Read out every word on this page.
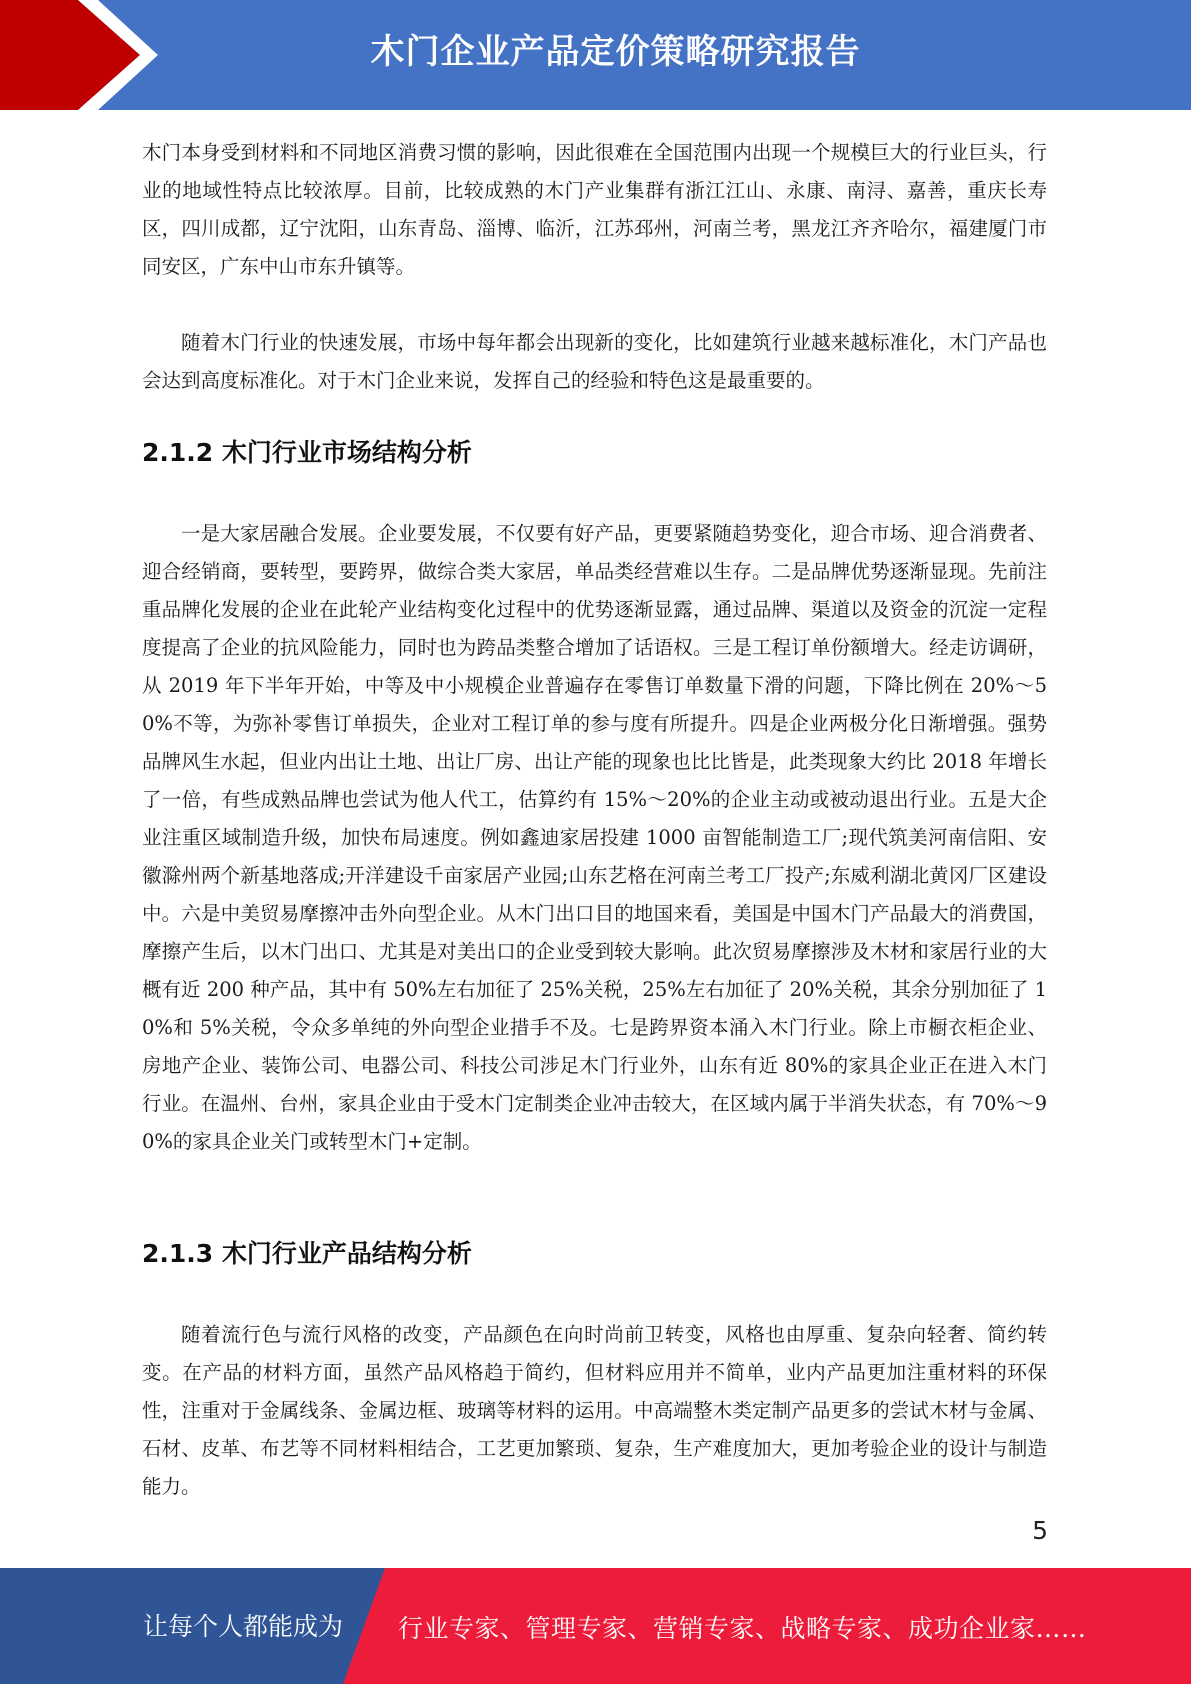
木门企业产品定价策略研究报告

木门本身受到材料和不同地区消费习惯的影响，因此很难在全国范围内出现一个规模巨大的行业巨头，行业的地域性特点比较浓厚。目前，比较成熟的木门产业集群有浙江江山、永康、南浔、嘉善，重庆长寿区，四川成都，辽宁沈阳，山东青岛、淄博、临沂，江苏邳州，河南兰考，黑龙江齐齐哈尔，福建厦门市同安区，广东中山市东升镇等。

随着木门行业的快速发展，市场中每年都会出现新的变化，比如建筑行业越来越标准化，木门产品也会达到高度标准化。对于木门企业来说，发挥自己的经验和特色这是最重要的。

2.1.2 木门行业市场结构分析

一是大家居融合发展。企业要发展，不仅要有好产品，更要紧随趋势变化，迎合市场、迎合消费者、迎合经销商，要转型，要跨界，做综合类大家居，单品类经营难以生存。二是品牌优势逐渐显现。先前注重品牌化发展的企业在此轮产业结构变化过程中的优势逐渐显露，通过品牌、渠道以及资金的沉淀一定程度提高了企业的抗风险能力，同时也为跨品类整合增加了话语权。三是工程订单份额增大。经走访调研，从 2019 年下半年开始，中等及中小规模企业普遍存在零售订单数量下滑的问题，下降比例在 20%～50%不等，为弥补零售订单损失，企业对工程订单的参与度有所提升。四是企业两极分化日渐增强。强势品牌风生水起，但业内出让土地、出让厂房、出让产能的现象也比比皆是，此类现象大约比 2018 年增长了一倍，有些成熟品牌也尝试为他人代工，估算约有 15%～20%的企业主动或被动退出行业。五是大企业注重区域制造升级，加快布局速度。例如鑫迪家居投建 1000 亩智能制造工厂;现代筑美河南信阳、安徽滁州两个新基地落成;开洋建设千亩家居产业园;山东艺格在河南兰考工厂投产;东威利湖北黄冈厂区建设中。六是中美贸易摩擦冲击外向型企业。从木门出口目的地国来看，美国是中国木门产品最大的消费国，摩擦产生后，以木门出口、尤其是对美出口的企业受到较大影响。此次贸易摩擦涉及木材和家居行业的大概有近 200 种产品，其中有 50%左右加征了 25%关税，25%左右加征了 20%关税，其余分别加征了 10%和 5%关税，令众多单纯的外向型企业措手不及。七是跨界资本涌入木门行业。除上市橱衣柜企业、房地产企业、装饰公司、电器公司、科技公司涉足木门行业外，山东有近 80%的家具企业正在进入木门行业。在温州、台州，家具企业由于受木门定制类企业冲击较大，在区域内属于半消失状态，有 70%～90%的家具企业关门或转型木门+定制。

2.1.3 木门行业产品结构分析

随着流行色与流行风格的改变，产品颜色在向时尚前卫转变，风格也由厚重、复杂向轻奢、简约转变。在产品的材料方面，虽然产品风格趋于简约，但材料应用并不简单，业内产品更加注重材料的环保性，注重对于金属线条、金属边框、玻璃等材料的运用。中高端整木类定制产品更多的尝试木材与金属、石材、皮革、布艺等不同材料相结合，工艺更加繁琐、复杂，生产难度加大，更加考验企业的设计与制造能力。

5
让每个人都能成为 行业专家、管理专家、营销专家、战略专家、成功企业家……
